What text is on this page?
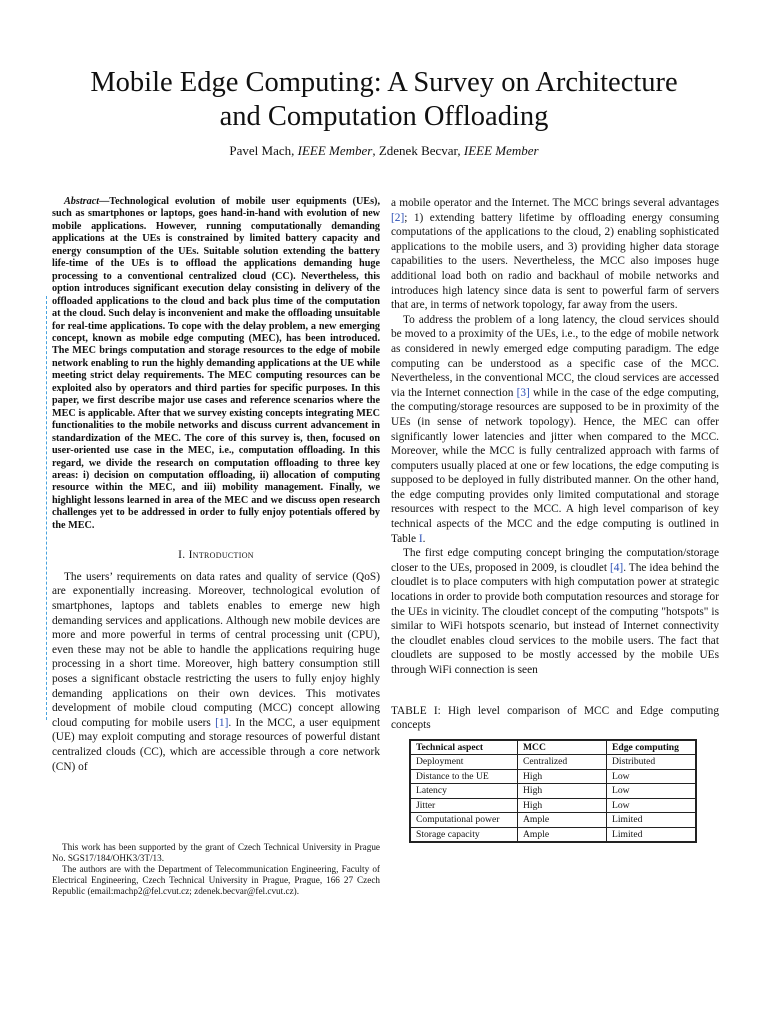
Mobile Edge Computing: A Survey on Architecture
and Computation Offloading
Pavel Mach, IEEE Member, Zdenek Becvar, IEEE Member

Abstract—Technological evolution of mobile user equipments (UEs), such as smartphones or laptops, goes hand-in-hand with evolution of new mobile applications. However, running computationally demanding applications at the UEs is constrained by limited battery capacity and energy consumption of the UEs. Suitable solution extending the battery life-time of the UEs is to offload the applications demanding huge processing to a conventional centralized cloud (CC). Nevertheless, this option introduces significant execution delay consisting in delivery of the offloaded applications to the cloud and back plus time of the computation at the cloud. Such delay is inconvenient and make the offloading unsuitable for real-time applications. To cope with the delay problem, a new emerging concept, known as mobile edge computing (MEC), has been introduced. The MEC brings computation and storage resources to the edge of mobile network enabling to run the highly demanding applications at the UE while meeting strict delay requirements. The MEC computing resources can be exploited also by operators and third parties for specific purposes. In this paper, we first describe major use cases and reference scenarios where the MEC is applicable. After that we survey existing concepts integrating MEC functionalities to the mobile networks and discuss current advancement in standardization of the MEC. The core of this survey is, then, focused on user-oriented use case in the MEC, i.e., computation offloading. In this regard, we divide the research on computation offloading to three key areas: i) decision on computation offloading, ii) allocation of computing resource within the MEC, and iii) mobility management. Finally, we highlight lessons learned in area of the MEC and we discuss open research challenges yet to be addressed in order to fully enjoy potentials offered by the MEC.

I. Introduction

The users’ requirements on data rates and quality of service (QoS) are exponentially increasing. Moreover, technological evolution of smartphones, laptops and tablets enables to emerge new high demanding services and applications. Although new mobile devices are more and more powerful in terms of central processing unit (CPU), even these may not be able to handle the applications requiring huge processing in a short time. Moreover, high battery consumption still poses a significant obstacle restricting the users to fully enjoy highly demanding applications on their own devices. This motivates development of mobile cloud computing (MCC) concept allowing cloud computing for mobile users [1]. In the MCC, a user equipment (UE) may exploit computing and storage resources of powerful distant centralized clouds (CC), which are accessible through a core network (CN) of

This work has been supported by the grant of Czech Technical University in Prague No. SGS17/184/OHK3/3T/13.

The authors are with the Department of Telecommunication Engineering, Faculty of Electrical Engineering, Czech Technical University in Prague, Prague, 166 27 Czech Republic (email:machp2@fel.cvut.cz; zdenek.becvar@fel.cvut.cz).

a mobile operator and the Internet. The MCC brings several advantages [2]; 1) extending battery lifetime by offloading energy consuming computations of the applications to the cloud, 2) enabling sophisticated applications to the mobile users, and 3) providing higher data storage capabilities to the users. Nevertheless, the MCC also imposes huge additional load both on radio and backhaul of mobile networks and introduces high latency since data is sent to powerful farm of servers that are, in terms of network topology, far away from the users.

To address the problem of a long latency, the cloud services should be moved to a proximity of the UEs, i.e., to the edge of mobile network as considered in newly emerged edge computing paradigm. The edge computing can be understood as a specific case of the MCC. Nevertheless, in the conventional MCC, the cloud services are accessed via the Internet connection [3] while in the case of the edge computing, the computing/storage resources are supposed to be in proximity of the UEs (in sense of network topology). Hence, the MEC can offer significantly lower latencies and jitter when compared to the MCC. Moreover, while the MCC is fully centralized approach with farms of computers usually placed at one or few locations, the edge computing is supposed to be deployed in fully distributed manner. On the other hand, the edge computing provides only limited computational and storage resources with respect to the MCC. A high level comparison of key technical aspects of the MCC and the edge computing is outlined in Table I.

The first edge computing concept bringing the computation/storage closer to the UEs, proposed in 2009, is cloudlet [4]. The idea behind the cloudlet is to place computers with high computation power at strategic locations in order to provide both computation resources and storage for the UEs in vicinity. The cloudlet concept of the computing "hotspots" is similar to WiFi hotspots scenario, but instead of Internet connectivity the cloudlet enables cloud services to the mobile users. The fact that cloudlets are supposed to be mostly accessed by the mobile UEs through WiFi connection is seen

TABLE I: High level comparison of MCC and Edge computing concepts
Technical aspect	MCC	Edge computing
Deployment	Centralized	Distributed
Distance to the UE	High	Low
Latency	High	Low
Jitter	High	Low
Computational power	Ample	Limited
Storage capacity	Ample	Limited
